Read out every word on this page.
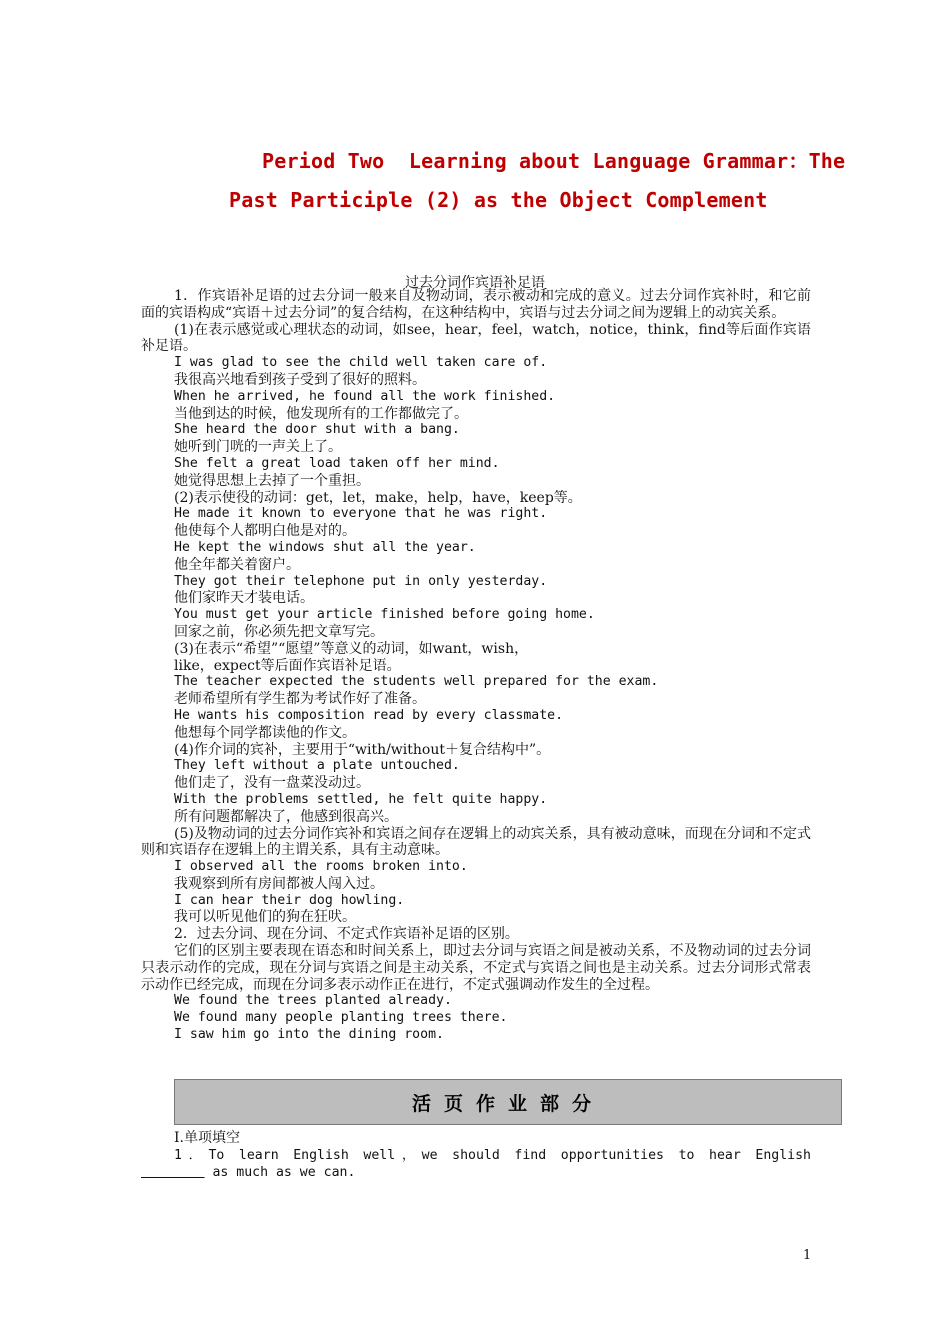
Period Two  Learning about Language Grammar：The
Past Participle (2) as the Object Complement
过去分词作宾语补足语
1．作宾语补足语的过去分词一般来自及物动词，表示被动和完成的意义。过去分词作宾补时，和它前面的宾语构成“宾语＋过去分词”的复合结构，在这种结构中，宾语与过去分词之间为逻辑上的动宾关系。
(1)在表示感觉或心理状态的动词，如see，hear，feel，watch，notice，think，find等后面作宾语补足语。
I was glad to see the child well taken care of.
我很高兴地看到孩子受到了很好的照料。
When he arrived, he found all the work finished.
当他到达的时候，他发现所有的工作都做完了。
She heard the door shut with a bang.
她听到门咣的一声关上了。
She felt a great load taken off her mind.
她觉得思想上去掉了一个重担。
(2)表示使役的动词：get，let，make，help，have，keep等。
He made it known to everyone that he was right.
他使每个人都明白他是对的。
He kept the windows shut all the year.
他全年都关着窗户。
They got their telephone put in only yesterday.
他们家昨天才装电话。
You must get your article finished before going home.
回家之前，你必须先把文章写完。
(3)在表示“希望”“愿望”等意义的动词，如want，wish，
like，expect等后面作宾语补足语。
The teacher expected the students well prepared for the exam.
老师希望所有学生都为考试作好了准备。
He wants his composition read by every classmate.
他想每个同学都读他的作文。
(4)作介词的宾补，主要用于“with/without＋复合结构中”。
They left without a plate untouched.
他们走了，没有一盘菜没动过。
With the problems settled, he felt quite happy.
所有问题都解决了，他感到很高兴。
(5)及物动词的过去分词作宾补和宾语之间存在逻辑上的动宾关系，具有被动意味，而现在分词和不定式则和宾语存在逻辑上的主谓关系，具有主动意味。
I observed all the rooms broken into.
我观察到所有房间都被人闯入过。
I can hear their dog howling.
我可以听见他们的狗在狂吠。
2．过去分词、现在分词、不定式作宾语补足语的区别。
它们的区别主要表现在语态和时间关系上，即过去分词与宾语之间是被动关系，不及物动词的过去分词只表示动作的完成，现在分词与宾语之间是主动关系，不定式与宾语之间也是主动关系。过去分词形式常表示动作已经完成，而现在分词多表示动作正在进行，不定式强调动作发生的全过程。
We found the trees planted already.
We found many people planting trees there.
I saw him go into the dining room.
活页作业部分
Ⅰ.单项填空
1．To learn English well，we should find opportunities to hear English
as much as we can.
1
